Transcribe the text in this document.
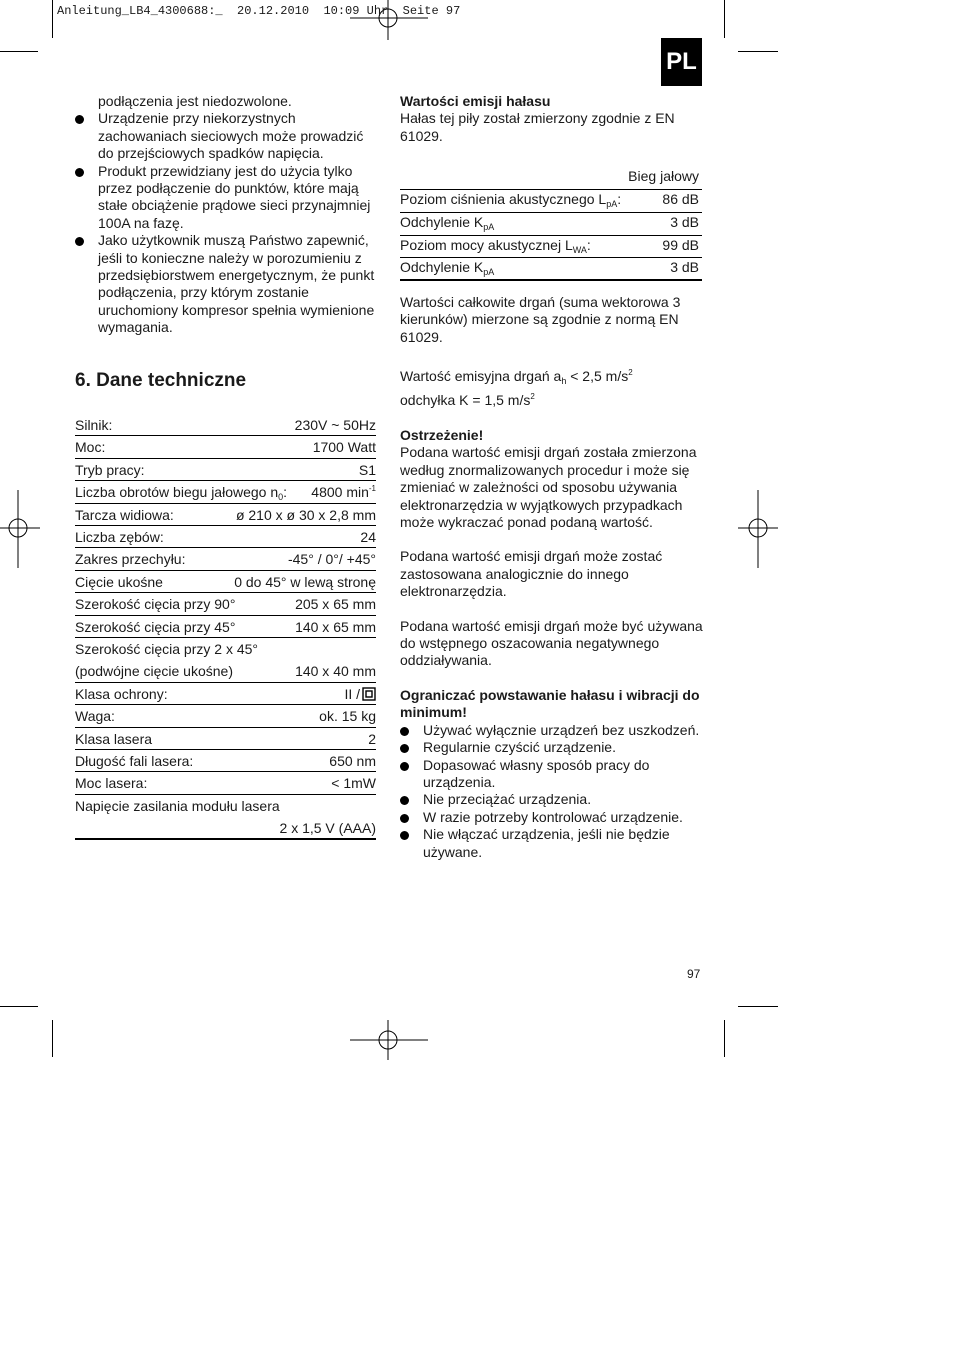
Anleitung_LB4_4300688:_  20.12.2010  10:09 Uhr  Seite 97
PL

podłączenia jest niedozwolone.

Urządzenie przy niekorzystnych zachowaniach sieciowych może prowadzić do przejściowych spadków napięcia.
Produkt przewidziany jest do użycia tylko przez podłączenie do punktów, które mają stałe obciążenie prądowe sieci przynajmniej 100A na fazę.
Jako użytkownik muszą Państwo zapewnić, jeśli to konieczne należy w porozumieniu z przedsiębiorstwem energetycznym, że punkt podłączenia, przy którym zostanie uruchomiony kompresor spełnia wymienione wymagania.
6. Dane techniczne
Silnik:	230V ~ 50Hz
Moc:	1700 Watt
Tryb pracy:	S1
Liczba obrotów biegu jałowego $n_0$: 4800 $\min^{-1}$
Tarcza widiowa:	ø 210 x ø 30 x 2,8 mm
Liczba zębów:	24
Zakres przechyłu:	-45° / 0°/ +45°
Cięcie ukośne	0 do 45° w lewą stronę
Szerokość cięcia przy 90°	205 x 65 mm
Szerokość cięcia przy 45°	140 x 65 mm
Szerokość cięcia przy 2 x 45°
(podwójne cięcie ukośne)	140 x 40 mm
Klasa ochrony:	II /
Waga:	ok. 15 kg
Klasa lasera	2
Długość fali lasera:	650 nm
Moc lasera:	< 1mW
Napięcie zasilania modułu lasera
2 x 1,5 V (AAA)

Wartości emisji hałasu

Hałas tej piły został zmierzony zgodnie z EN 61029.

Bieg jałowy
Poziom ciśnienia akustycznego $L_{pA}$:	86 dB
Odchylenie $K_{pA}$	3 dB
Poziom mocy akustycznej $L_{WA}$:	99 dB
Odchylenie $K_{pA}$	3 dB
Wartości całkowite drgań (suma wektorowa 3 kierunków) mierzone są zgodnie z normą EN 61029.
Wartość emisyjna drgań $a_h < 2,5$ $m/s^2$
odchyłka K = 1,5 $m/s^2$

Ostrzeżenie!

Podana wartość emisji drgań została zmierzona według znormalizowanych procedur i może się zmieniać w zależności od sposobu używania elektronarzędzia w wyjątkowych przypadkach może wykraczać ponad podaną wartość.

Podana wartość emisji drgań może zostać zastosowana analogicznie do innego elektronarzędzia.

Podana wartość emisji drgań może być używana do wstępnego oszacowania negatywnego oddziaływania.

Ograniczać powstawanie hałasu i wibracji do minimum!

Używać wyłącznie urządzeń bez uszkodzeń.
Regularnie czyścić urządzenie.
Dopasować własny sposób pracy do urządzenia.
Nie przeciążać urządzenia.
W razie potrzeby kontrolować urządzenie.
Nie włączać urządzenia, jeśli nie będzie używane.
97
